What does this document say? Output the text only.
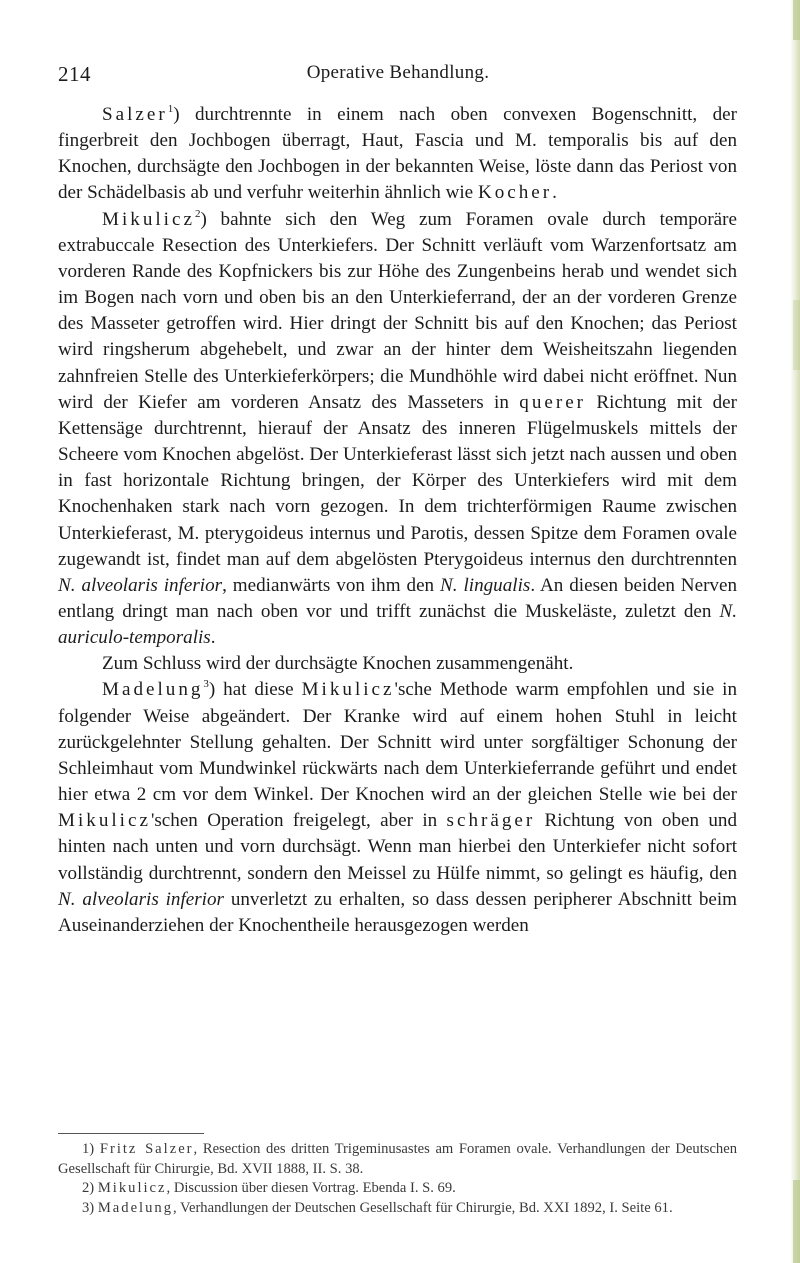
214	Operative Behandlung.

Salzer$^1$) durchtrennte in einem nach oben convexen Bogenschnitt, der fingerbreit den Jochbogen überragt, Haut, Fascia und M. temporalis bis auf den Knochen, durchsägte den Jochbogen in der bekannten Weise, löste dann das Periost von der Schädelbasis ab und verfuhr weiterhin ähnlich wie Kocher.

Mikulicz$^2$) bahnte sich den Weg zum Foramen ovale durch temporäre extrabuccale Resection des Unterkiefers. Der Schnitt verläuft vom Warzenfortsatz am vorderen Rande des Kopfnickers bis zur Höhe des Zungenbeins herab und wendet sich im Bogen nach vorn und oben bis an den Unterkieferrand, der an der vorderen Grenze des Masseter getroffen wird. Hier dringt der Schnitt bis auf den Knochen; das Periost wird ringsherum abgehebelt, und zwar an der hinter dem Weisheitszahn liegenden zahnfreien Stelle des Unterkieferkörpers; die Mundhöhle wird dabei nicht eröffnet. Nun wird der Kiefer am vorderen Ansatz des Masseters in querer Richtung mit der Kettensäge durchtrennt, hierauf der Ansatz des inneren Flügelmuskels mittels der Scheere vom Knochen abgelöst. Der Unterkieferast lässt sich jetzt nach aussen und oben in fast horizontale Richtung bringen, der Körper des Unterkiefers wird mit dem Knochenhaken stark nach vorn gezogen. In dem trichterförmigen Raume zwischen Unterkieferast, M. pterygoideus internus und Parotis, dessen Spitze dem Foramen ovale zugewandt ist, findet man auf dem abgelösten Pterygoideus internus den durchtrennten N. alveolaris inferior, medianwärts von ihm den N. lingualis. An diesen beiden Nerven entlang dringt man nach oben vor und trifft zunächst die Muskeläste, zuletzt den N. auriculo-temporalis.

Zum Schluss wird der durchsägte Knochen zusammengenäht.

Madelung$^3$) hat diese Mikulicz'sche Methode warm empfohlen und sie in folgender Weise abgeändert. Der Kranke wird auf einem hohen Stuhl in leicht zurückgelehnter Stellung gehalten. Der Schnitt wird unter sorgfältiger Schonung der Schleimhaut vom Mundwinkel rückwärts nach dem Unterkieferrande geführt und endet hier etwa 2 cm vor dem Winkel. Der Knochen wird an der gleichen Stelle wie bei der Mikulicz'schen Operation freigelegt, aber in schräger Richtung von oben und hinten nach unten und vorn durchsägt. Wenn man hierbei den Unterkiefer nicht sofort vollständig durchtrennt, sondern den Meissel zu Hülfe nimmt, so gelingt es häufig, den N. alveolaris inferior unverletzt zu erhalten, so dass dessen peripherer Abschnitt beim Auseinanderziehen der Knochentheile herausgezogen werden

1) Fritz Salzer, Resection des dritten Trigeminusastes am Foramen ovale. Verhandlungen der Deutschen Gesellschaft für Chirurgie, Bd. XVII 1888, II. S. 38.

2) Mikulicz, Discussion über diesen Vortrag. Ebenda I. S. 69.

3) Madelung, Verhandlungen der Deutschen Gesellschaft für Chirurgie, Bd. XXI 1892, I. Seite 61.
